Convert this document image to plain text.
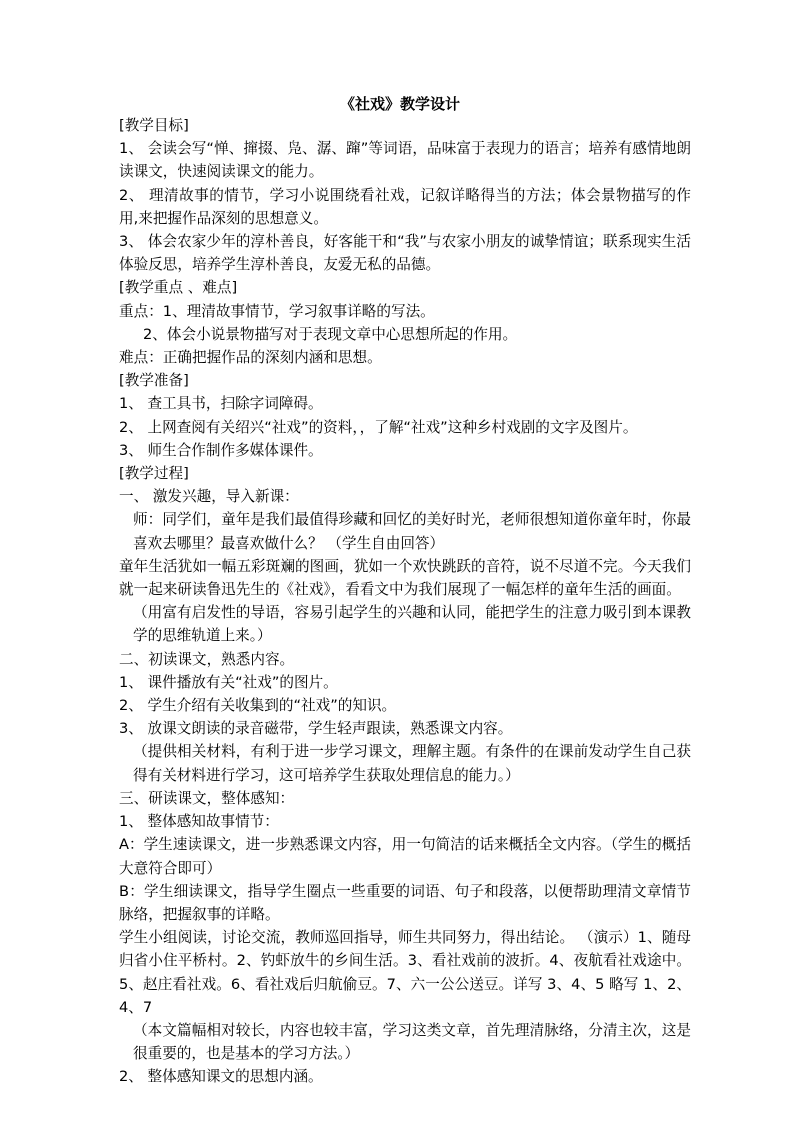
《社戏》教学设计

[教学目标]

1、 会读会写“惮、撺掇、凫、潺、蹿”等词语，品味富于表现力的语言；培养有感情地朗读课文，快速阅读课文的能力。

2、 理清故事的情节，学习小说围绕看社戏，记叙详略得当的方法；体会景物描写的作用,来把握作品深刻的思想意义。

3、 体会农家少年的淳朴善良，好客能干和“我”与农家小朋友的诚挚情谊；联系现实生活体验反思，培养学生淳朴善良，友爱无私的品德。

[教学重点 、难点]

重点：1、理清故事情节，学习叙事详略的写法。

2、体会小说景物描写对于表现文章中心思想所起的作用。

难点：正确把握作品的深刻内涵和思想。

[教学准备]

1、 查工具书，扫除字词障碍。

2、 上网查阅有关绍兴“社戏”的资料，，了解“社戏”这种乡村戏剧的文字及图片。

3、 师生合作制作多媒体课件。

[教学过程]

一、 激发兴趣，导入新课：

师：同学们，童年是我们最值得珍藏和回忆的美好时光，老师很想知道你童年时，你最喜欢去哪里？最喜欢做什么？ （学生自由回答）

童年生活犹如一幅五彩斑斓的图画，犹如一个欢快跳跃的音符，说不尽道不完。今天我们就一起来研读鲁迅先生的《社戏》，看看文中为我们展现了一幅怎样的童年生活的画面。

（用富有启发性的导语，容易引起学生的兴趣和认同，能把学生的注意力吸引到本课教学的思维轨道上来。）

二、初读课文，熟悉内容。

1、 课件播放有关“社戏”的图片。

2、 学生介绍有关收集到的“社戏”的知识。

3、 放课文朗读的录音磁带，学生轻声跟读，熟悉课文内容。

（提供相关材料，有利于进一步学习课文，理解主题。有条件的在课前发动学生自己获得有关材料进行学习，这可培养学生获取处理信息的能力。）

三、研读课文，整体感知：

1、 整体感知故事情节：

A：学生速读课文，进一步熟悉课文内容，用一句简洁的话来概括全文内容。（学生的概括大意符合即可）

B：学生细读课文，指导学生圈点一些重要的词语、句子和段落，以便帮助理清文章情节脉络，把握叙事的详略。

学生小组阅读，讨论交流，教师巡回指导，师生共同努力，得出结论。 （演示）1、随母归省小住平桥村。2、钓虾放牛的乡间生活。3、看社戏前的波折。4、夜航看社戏途中。5、赵庄看社戏。6、看社戏后归航偷豆。7、六一公公送豆。详写 3、4、5 略写 1、2、4、7

（本文篇幅相对较长，内容也较丰富，学习这类文章，首先理清脉络，分清主次，这是很重要的，也是基本的学习方法。）

2、 整体感知课文的思想内涵。
